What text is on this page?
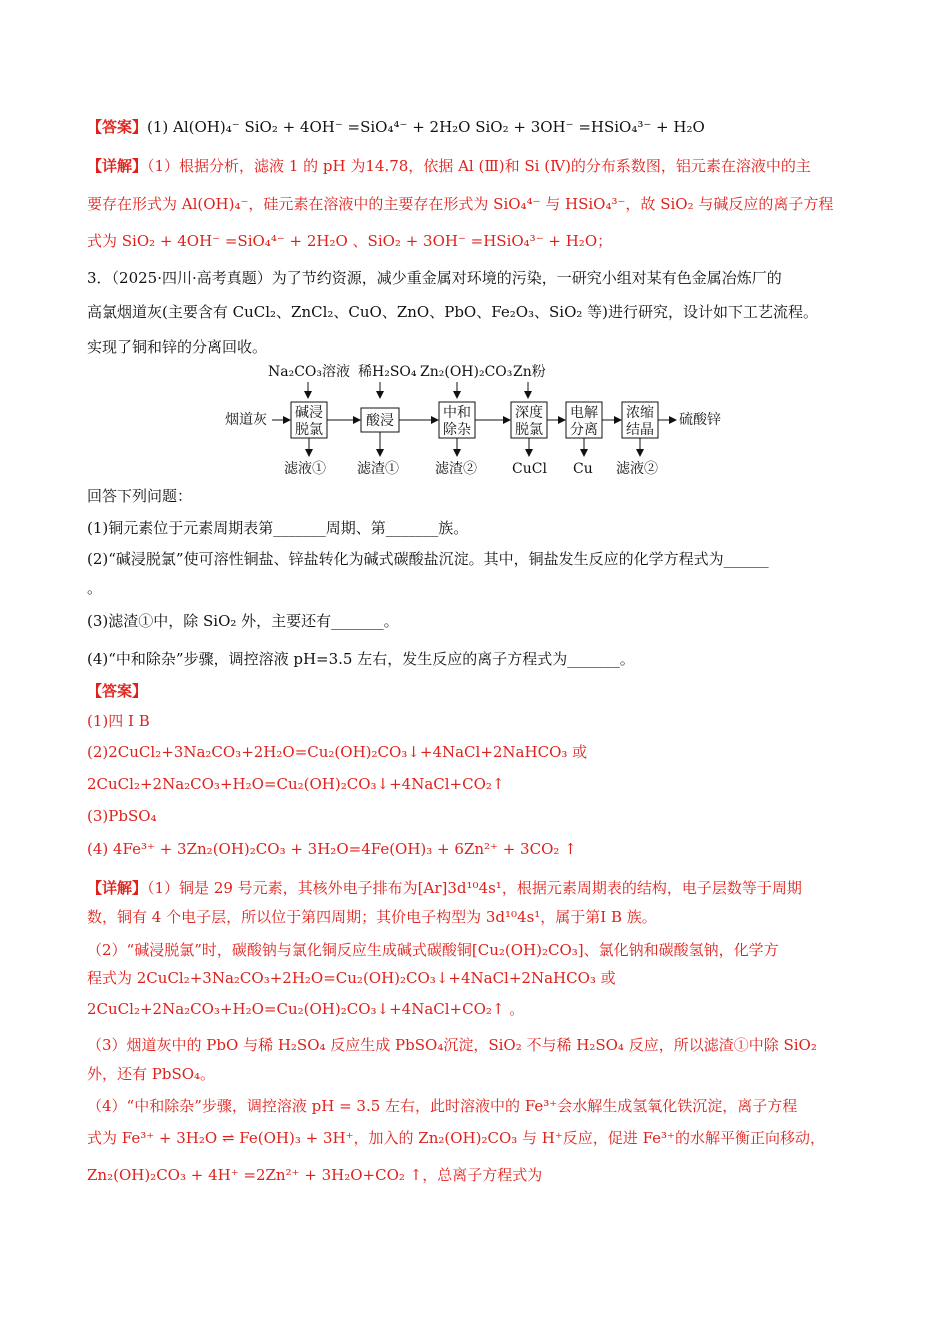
【答案】(1) Al(OH)₄⁻ SiO₂ + 4OH⁻ =SiO₄⁴⁻ + 2H₂O SiO₂ + 3OH⁻ =HSiO₄³⁻ + H₂O
【详解】（1）根据分析，滤液 1 的 pH 为14.78，依据 Al (Ⅲ)和 Si (Ⅳ)的分布系数图，铝元素在溶液中的主
要存在形式为 Al(OH)₄⁻，硅元素在溶液中的主要存在形式为 SiO₄⁴⁻ 与 HSiO₄³⁻，故 SiO₂ 与碱反应的离子方程
式为 SiO₂ + 4OH⁻ =SiO₄⁴⁻ + 2H₂O 、SiO₂ + 3OH⁻ =HSiO₄³⁻ + H₂O；
3．（2025·四川·高考真题）为了节约资源，减少重金属对环境的污染，一研究小组对某有色金属冶炼厂的
高氯烟道灰(主要含有 CuCl₂、ZnCl₂、CuO、ZnO、PbO、Fe₂O₃、SiO₂ 等)进行研究，设计如下工艺流程。
实现了铜和锌的分离回收。
Na₂CO₃溶液 稀H₂SO₄ Zn₂(OH)₂CO₃ Zn粉
烟道灰 碱浸
脱氯
酸浸	中和
除杂
深度
脱氯
电解
分离
浓缩
结晶
硫酸锌
滤液① 滤渣①	滤渣②	CuCl Cu 滤液②
回答下列问题：
(1)铜元素位于元素周期表第_______周期、第_______族。
(2)“碱浸脱氯”使可溶性铜盐、锌盐转化为碱式碳酸盐沉淀。其中，铜盐发生反应的化学方程式为______
。
(3)滤渣①中，除 SiO₂ 外，主要还有_______。
(4)“中和除杂”步骤，调控溶液 pH=3.5 左右，发生反应的离子方程式为_______。
【答案】
(1)四 Ⅰ B
(2)2CuCl₂+3Na₂CO₃+2H₂O=Cu₂(OH)₂CO₃↓+4NaCl+2NaHCO₃ 或
2CuCl₂+2Na₂CO₃+H₂O=Cu₂(OH)₂CO₃↓+4NaCl+CO₂↑
(3)PbSO₄
(4) 4Fe³⁺ + 3Zn₂(OH)₂CO₃ + 3H₂O=4Fe(OH)₃ + 6Zn²⁺ + 3CO₂ ↑
【详解】（1）铜是 29 号元素，其核外电子排布为[Ar]3d¹⁰4s¹，根据元素周期表的结构，电子层数等于周期
数，铜有 4 个电子层，所以位于第四周期；其价电子构型为 3d¹⁰4s¹，属于第Ⅰ B 族。
（2）“碱浸脱氯”时，碳酸钠与氯化铜反应生成碱式碳酸铜[Cu₂(OH)₂CO₃]、氯化钠和碳酸氢钠，化学方
程式为 2CuCl₂+3Na₂CO₃+2H₂O=Cu₂(OH)₂CO₃↓+4NaCl+2NaHCO₃ 或
2CuCl₂+2Na₂CO₃+H₂O=Cu₂(OH)₂CO₃↓+4NaCl+CO₂↑ 。
（3）烟道灰中的 PbO 与稀 H₂SO₄ 反应生成 PbSO₄沉淀，SiO₂ 不与稀 H₂SO₄ 反应，所以滤渣①中除 SiO₂
外，还有 PbSO₄。
（4）“中和除杂”步骤，调控溶液 pH = 3.5 左右，此时溶液中的 Fe³⁺会水解生成氢氧化铁沉淀，离子方程
式为 Fe³⁺ + 3H₂O ⇌ Fe(OH)₃ + 3H⁺，加入的 Zn₂(OH)₂CO₃ 与 H⁺反应，促进 Fe³⁺的水解平衡正向移动，
Zn₂(OH)₂CO₃ + 4H⁺ =2Zn²⁺ + 3H₂O+CO₂ ↑，总离子方程式为
